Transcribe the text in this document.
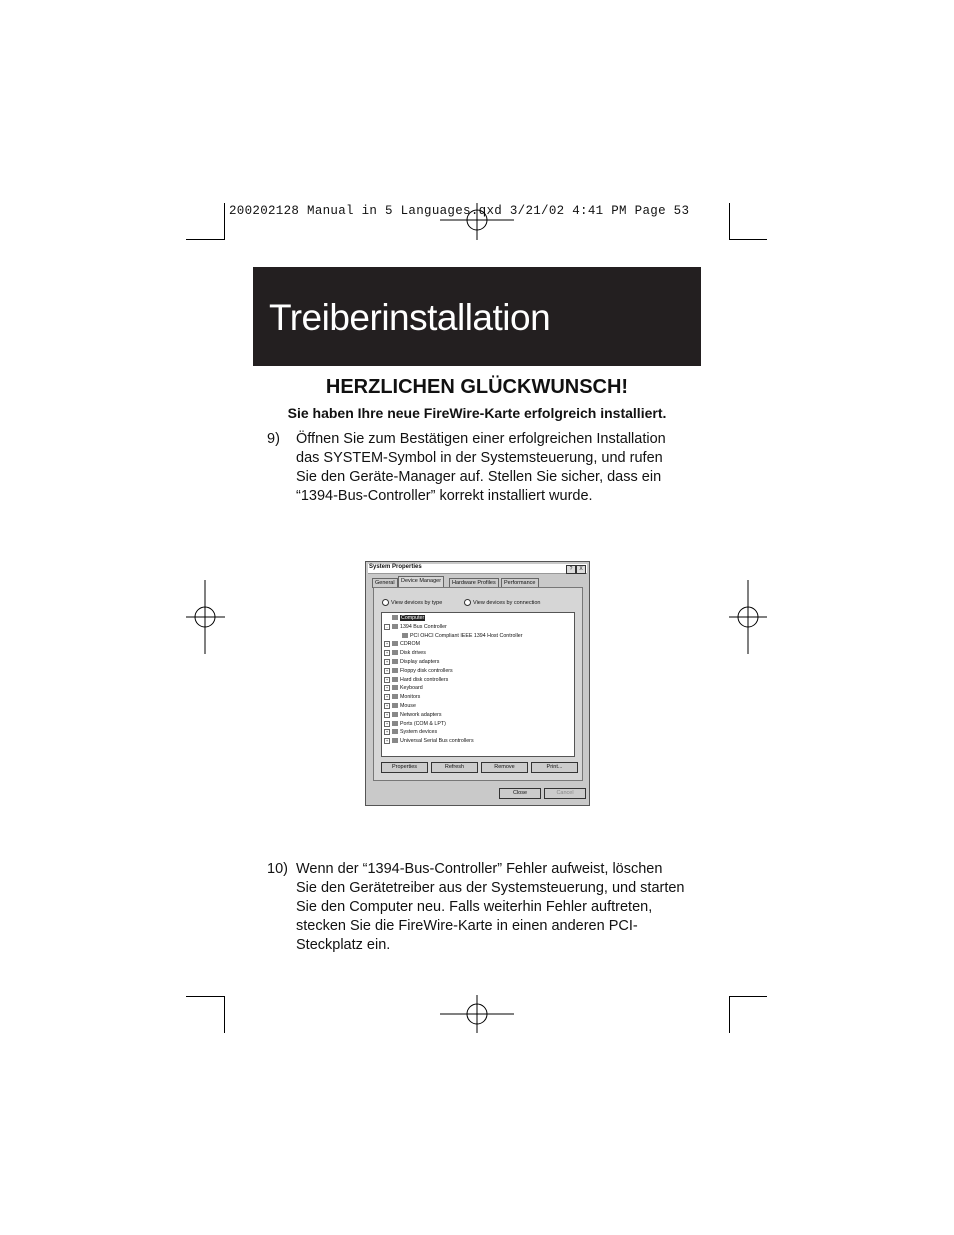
200202128 Manual in 5 Languages.qxd 3/21/02 4:41 PM Page 53
Treiberinstallation
HERZLICHEN GLÜCKWUNSCH!
Sie haben Ihre neue FireWire-Karte erfolgreich installiert.
9) Öffnen Sie zum Bestätigen einer erfolgreichen Installation das SYSTEM-Symbol in der Systemsteuerung, und rufen Sie den Geräte-Manager auf. Stellen Sie sicher, dass ein “1394-Bus-Controller” korrekt installiert wurde.
System Properties	?	X
General	Device Manager	Hardware Profiles	Performance
View devices by type	View devices by connection
Computer
- 1394 Bus Controller
PCI OHCI Compliant IEEE 1394 Host Controller
+ CDROM
+ Disk drives
+ Display adapters
+ Floppy disk controllers
+ Hard disk controllers
+ Keyboard
+ Monitors
+ Mouse
+ Network adapters
+ Ports (COM & LPT)
+ System devices
+ Universal Serial Bus controllers
Properties	Refresh	Remove	Print...
Close	Cancel
10) Wenn der “1394-Bus-Controller” Fehler aufweist, löschen Sie den Gerätetreiber aus der Systemsteuerung, und starten Sie den Computer neu. Falls weiterhin Fehler auftreten, stecken Sie die FireWire-Karte in einen anderen PCI-Steckplatz ein.
